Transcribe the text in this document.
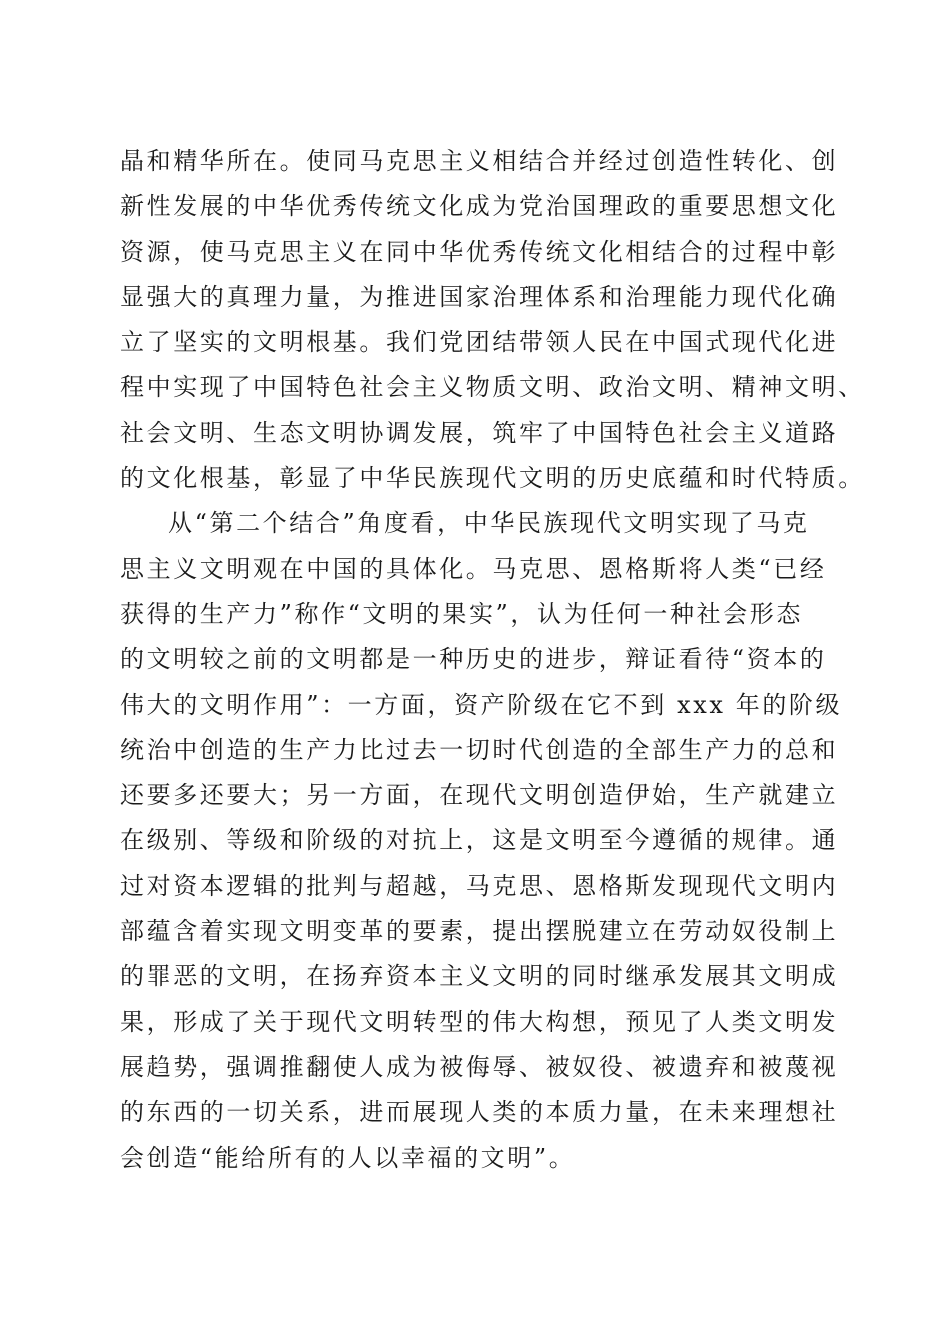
晶和精华所在。使同马克思主义相结合并经过创造性转化、创
新性发展的中华优秀传统文化成为党治国理政的重要思想文化
资源，使马克思主义在同中华优秀传统文化相结合的过程中彰
显强大的真理力量，为推进国家治理体系和治理能力现代化确
立了坚实的文明根基。我们党团结带领人民在中国式现代化进
程中实现了中国特色社会主义物质文明、政治文明、精神文明、
社会文明、生态文明协调发展，筑牢了中国特色社会主义道路
的文化根基，彰显了中华民族现代文明的历史底蕴和时代特质。
从“第二个结合”角度看，中华民族现代文明实现了马克
思主义文明观在中国的具体化。马克思、恩格斯将人类“已经
获得的生产力”称作“文明的果实”，认为任何一种社会形态
的文明较之前的文明都是一种历史的进步，辩证看待“资本的
伟大的文明作用”：一方面，资产阶级在它不到 xxx 年的阶级
统治中创造的生产力比过去一切时代创造的全部生产力的总和
还要多还要大；另一方面，在现代文明创造伊始，生产就建立
在级别、等级和阶级的对抗上，这是文明至今遵循的规律。通
过对资本逻辑的批判与超越，马克思、恩格斯发现现代文明内
部蕴含着实现文明变革的要素，提出摆脱建立在劳动奴役制上
的罪恶的文明，在扬弃资本主义文明的同时继承发展其文明成
果，形成了关于现代文明转型的伟大构想，预见了人类文明发
展趋势，强调推翻使人成为被侮辱、被奴役、被遗弃和被蔑视
的东西的一切关系，进而展现人类的本质力量，在未来理想社
会创造“能给所有的人以幸福的文明”。
